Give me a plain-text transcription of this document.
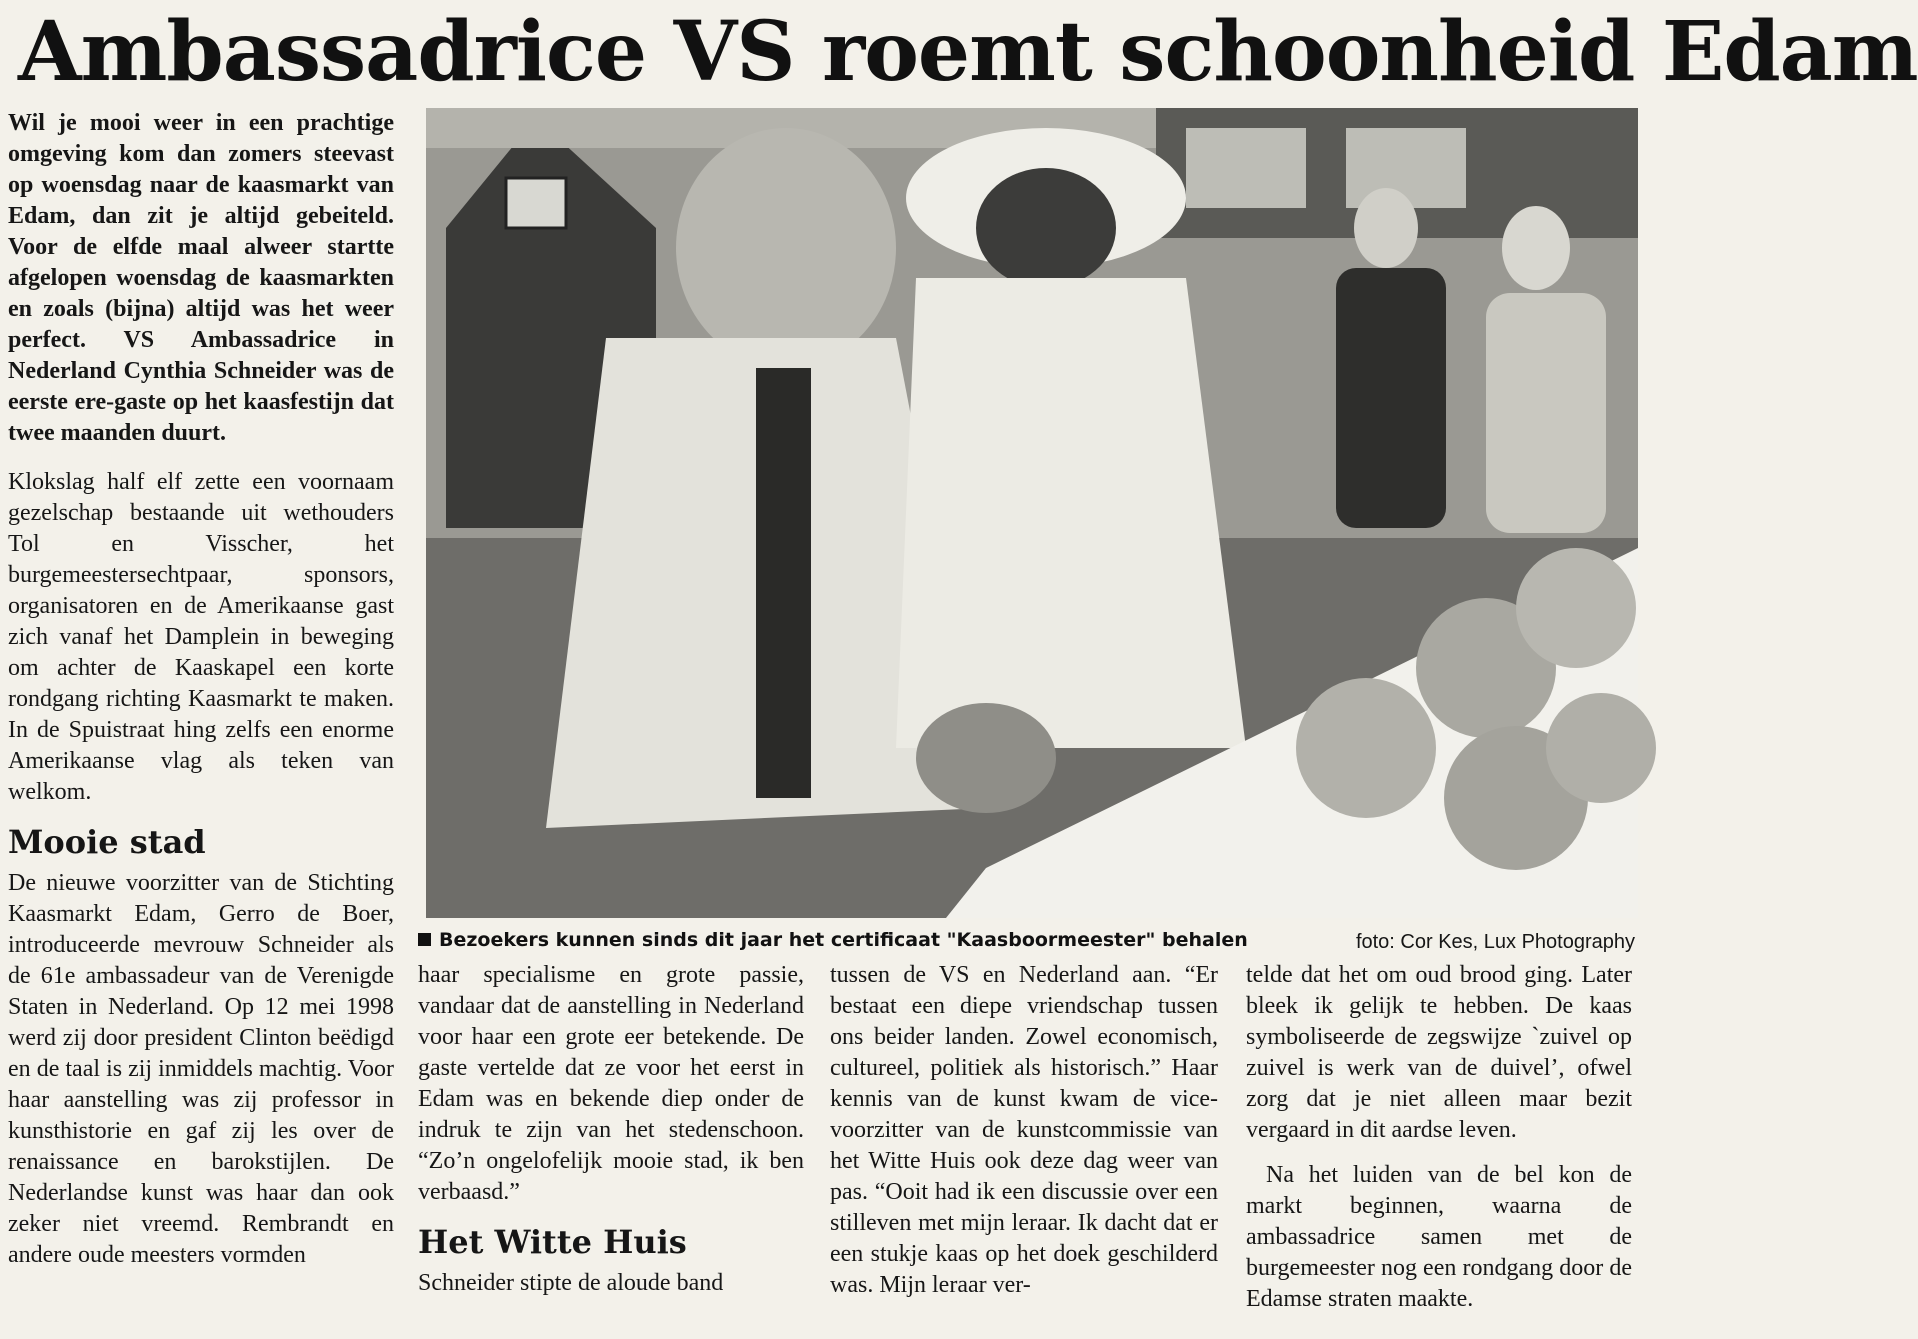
Ambassadrice VS roemt schoonheid Edam

Wil je mooi weer in een prachtige omgeving kom dan zomers steevast op woensdag naar de kaasmarkt van Edam, dan zit je altijd gebeiteld. Voor de elfde maal alweer startte afgelopen woensdag de kaasmarkten en zoals (bijna) altijd was het weer perfect. VS Ambassadrice in Nederland Cynthia Schneider was de eerste ere-gaste op het kaasfestijn dat twee maanden duurt.

Klokslag half elf zette een voornaam gezelschap bestaande uit wethouders Tol en Visscher, het burgemeestersechtpaar, sponsors, organisatoren en de Amerikaanse gast zich vanaf het Damplein in beweging om achter de Kaaskapel een korte rondgang richting Kaasmarkt te maken. In de Spuistraat hing zelfs een enorme Amerikaanse vlag als teken van welkom.

Mooie stad

De nieuwe voorzitter van de Stichting Kaasmarkt Edam, Gerro de Boer, introduceerde mevrouw Schneider als de 61e ambassadeur van de Verenigde Staten in Nederland. Op 12 mei 1998 werd zij door president Clinton beëdigd en de taal is zij inmiddels machtig. Voor haar aanstelling was zij professor in kunsthistorie en gaf zij les over de renaissance en barokstijlen. De Nederlandse kunst was haar dan ook zeker niet vreemd. Rembrandt en andere oude meesters vormden

Bezoekers kunnen sinds dit jaar het certificaat "Kaasboormeester" behalen	foto: Cor Kes, Lux Photography

haar specialisme en grote passie, vandaar dat de aanstelling in Nederland voor haar een grote eer betekende. De gaste vertelde dat ze voor het eerst in Edam was en bekende diep onder de indruk te zijn van het stedenschoon. “Zo’n ongelofelijk mooie stad, ik ben verbaasd.”

Het Witte Huis

Schneider stipte de aloude band

tussen de VS en Nederland aan. “Er bestaat een diepe vriendschap tussen ons beider landen. Zowel economisch, cultureel, politiek als historisch.” Haar kennis van de kunst kwam de vice-voorzitter van de kunstcommissie van het Witte Huis ook deze dag weer van pas. “Ooit had ik een discussie over een stilleven met mijn leraar. Ik dacht dat er een stukje kaas op het doek geschilderd was. Mijn leraar ver-

telde dat het om oud brood ging. Later bleek ik gelijk te hebben. De kaas symboliseerde de zegswijze `zuivel op zuivel is werk van de duivel’, ofwel zorg dat je niet alleen maar bezit vergaard in dit aardse leven.

Na het luiden van de bel kon de markt beginnen, waarna de ambassadrice samen met de burgemeester nog een rondgang door de Edamse straten maakte.
